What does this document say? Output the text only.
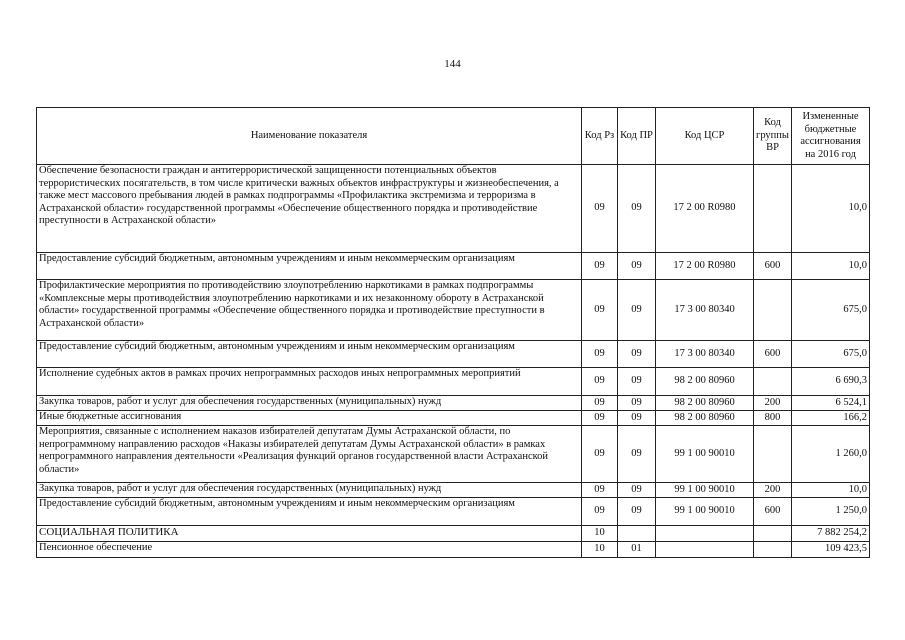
144
Наименование показателя	Код Рз	Код ПР	Код ЦСР	Код группы ВР	Измененные бюджетные ассигнования на 2016 год
Обеспечение безопасности граждан и антитеррористической защищенности потенциальных объектов террористических посягательств, в том числе критически важных объектов инфраструктуры и жизнеобеспечения, а также мест массового пребывания людей в рамках подпрограммы «Профилактика экстремизма и терроризма в Астраханской области» государственной программы «Обеспечение общественного порядка и противодействие преступности в Астраханской области»	09	09	17 2 00 R0980		10,0
Предоставление субсидий бюджетным, автономным учреждениям и иным некоммерческим организациям	09	09	17 2 00 R0980	600	10,0
Профилактические мероприятия по противодействию злоупотреблению наркотиками в рамках подпрограммы «Комплексные меры противодействия злоупотреблению наркотиками и их незаконному обороту в Астраханской области» государственной программы «Обеспечение общественного порядка и противодействие преступности в Астраханской области»	09	09	17 3 00 80340		675,0
Предоставление субсидий бюджетным, автономным учреждениям и иным некоммерческим организациям	09	09	17 3 00 80340	600	675,0
Исполнение судебных актов в рамках прочих непрограммных расходов иных непрограммных мероприятий	09	09	98 2 00 80960		6 690,3
Закупка товаров, работ и услуг для обеспечения государственных (муниципальных) нужд	09	09	98 2 00 80960	200	6 524,1
Иные бюджетные ассигнования	09	09	98 2 00 80960	800	166,2
Мероприятия, связанные с исполнением наказов избирателей депутатам Думы Астраханской области, по непрограммному направлению расходов «Наказы избирателей депутатам Думы Астраханской области» в рамках непрограммного направления деятельности «Реализация функций органов государственной власти Астраханской области»	09	09	99 1 00 90010		1 260,0
Закупка товаров, работ и услуг для обеспечения государственных (муниципальных) нужд	09	09	99 1 00 90010	200	10,0
Предоставление субсидий бюджетным, автономным учреждениям и иным некоммерческим организациям	09	09	99 1 00 90010	600	1 250,0
СОЦИАЛЬНАЯ ПОЛИТИКА	10				7 882 254,2
Пенсионное обеспечение	10	01			109 423,5
